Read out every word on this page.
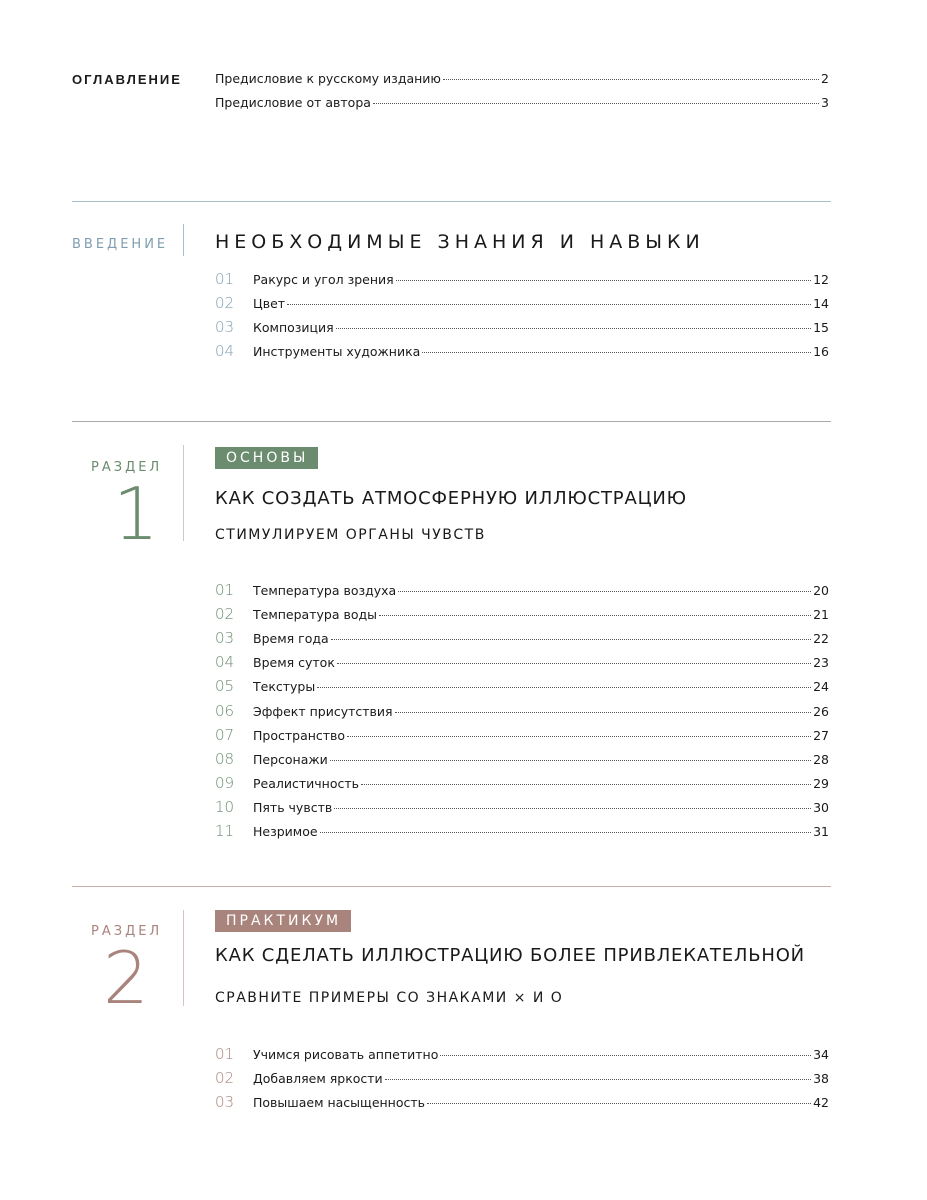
ОГЛАВЛЕНИЕ	Предисловие к русскому изданию	2
Предисловие от автора	3
ВВЕДЕНИЕ НЕОБХОДИМЫЕ ЗНАНИЯ И НАВЫКИ
01	Ракурс и угол зрения	12
02	Цвет	14
03	Композиция	15
04	Инструменты художника	16
РАЗДЕЛ
1
ОСНОВЫ
КАК СОЗДАТЬ АТМОСФЕРНУЮ ИЛЛЮСТРАЦИЮ
СТИМУЛИРУЕМ ОРГАНЫ ЧУВСТВ
01	Температура воздуха	20
02	Температура воды	21
03	Время года	22
04	Время суток	23
05	Текстуры	24
06	Эффект присутствия	26
07	Пространство	27
08	Персонажи	28
09	Реалистичность	29
10	Пять чувств	30
11	Незримое	31
РАЗДЕЛ
2
ПРАКТИКУМ
КАК СДЕЛАТЬ ИЛЛЮСТРАЦИЮ БОЛЕЕ ПРИВЛЕКАТЕЛЬНОЙ
СРАВНИТЕ ПРИМЕРЫ СО ЗНАКАМИ × И О
01	Учимся рисовать аппетитно	34
02	Добавляем яркости	38
03	Повышаем насыщенность	42
